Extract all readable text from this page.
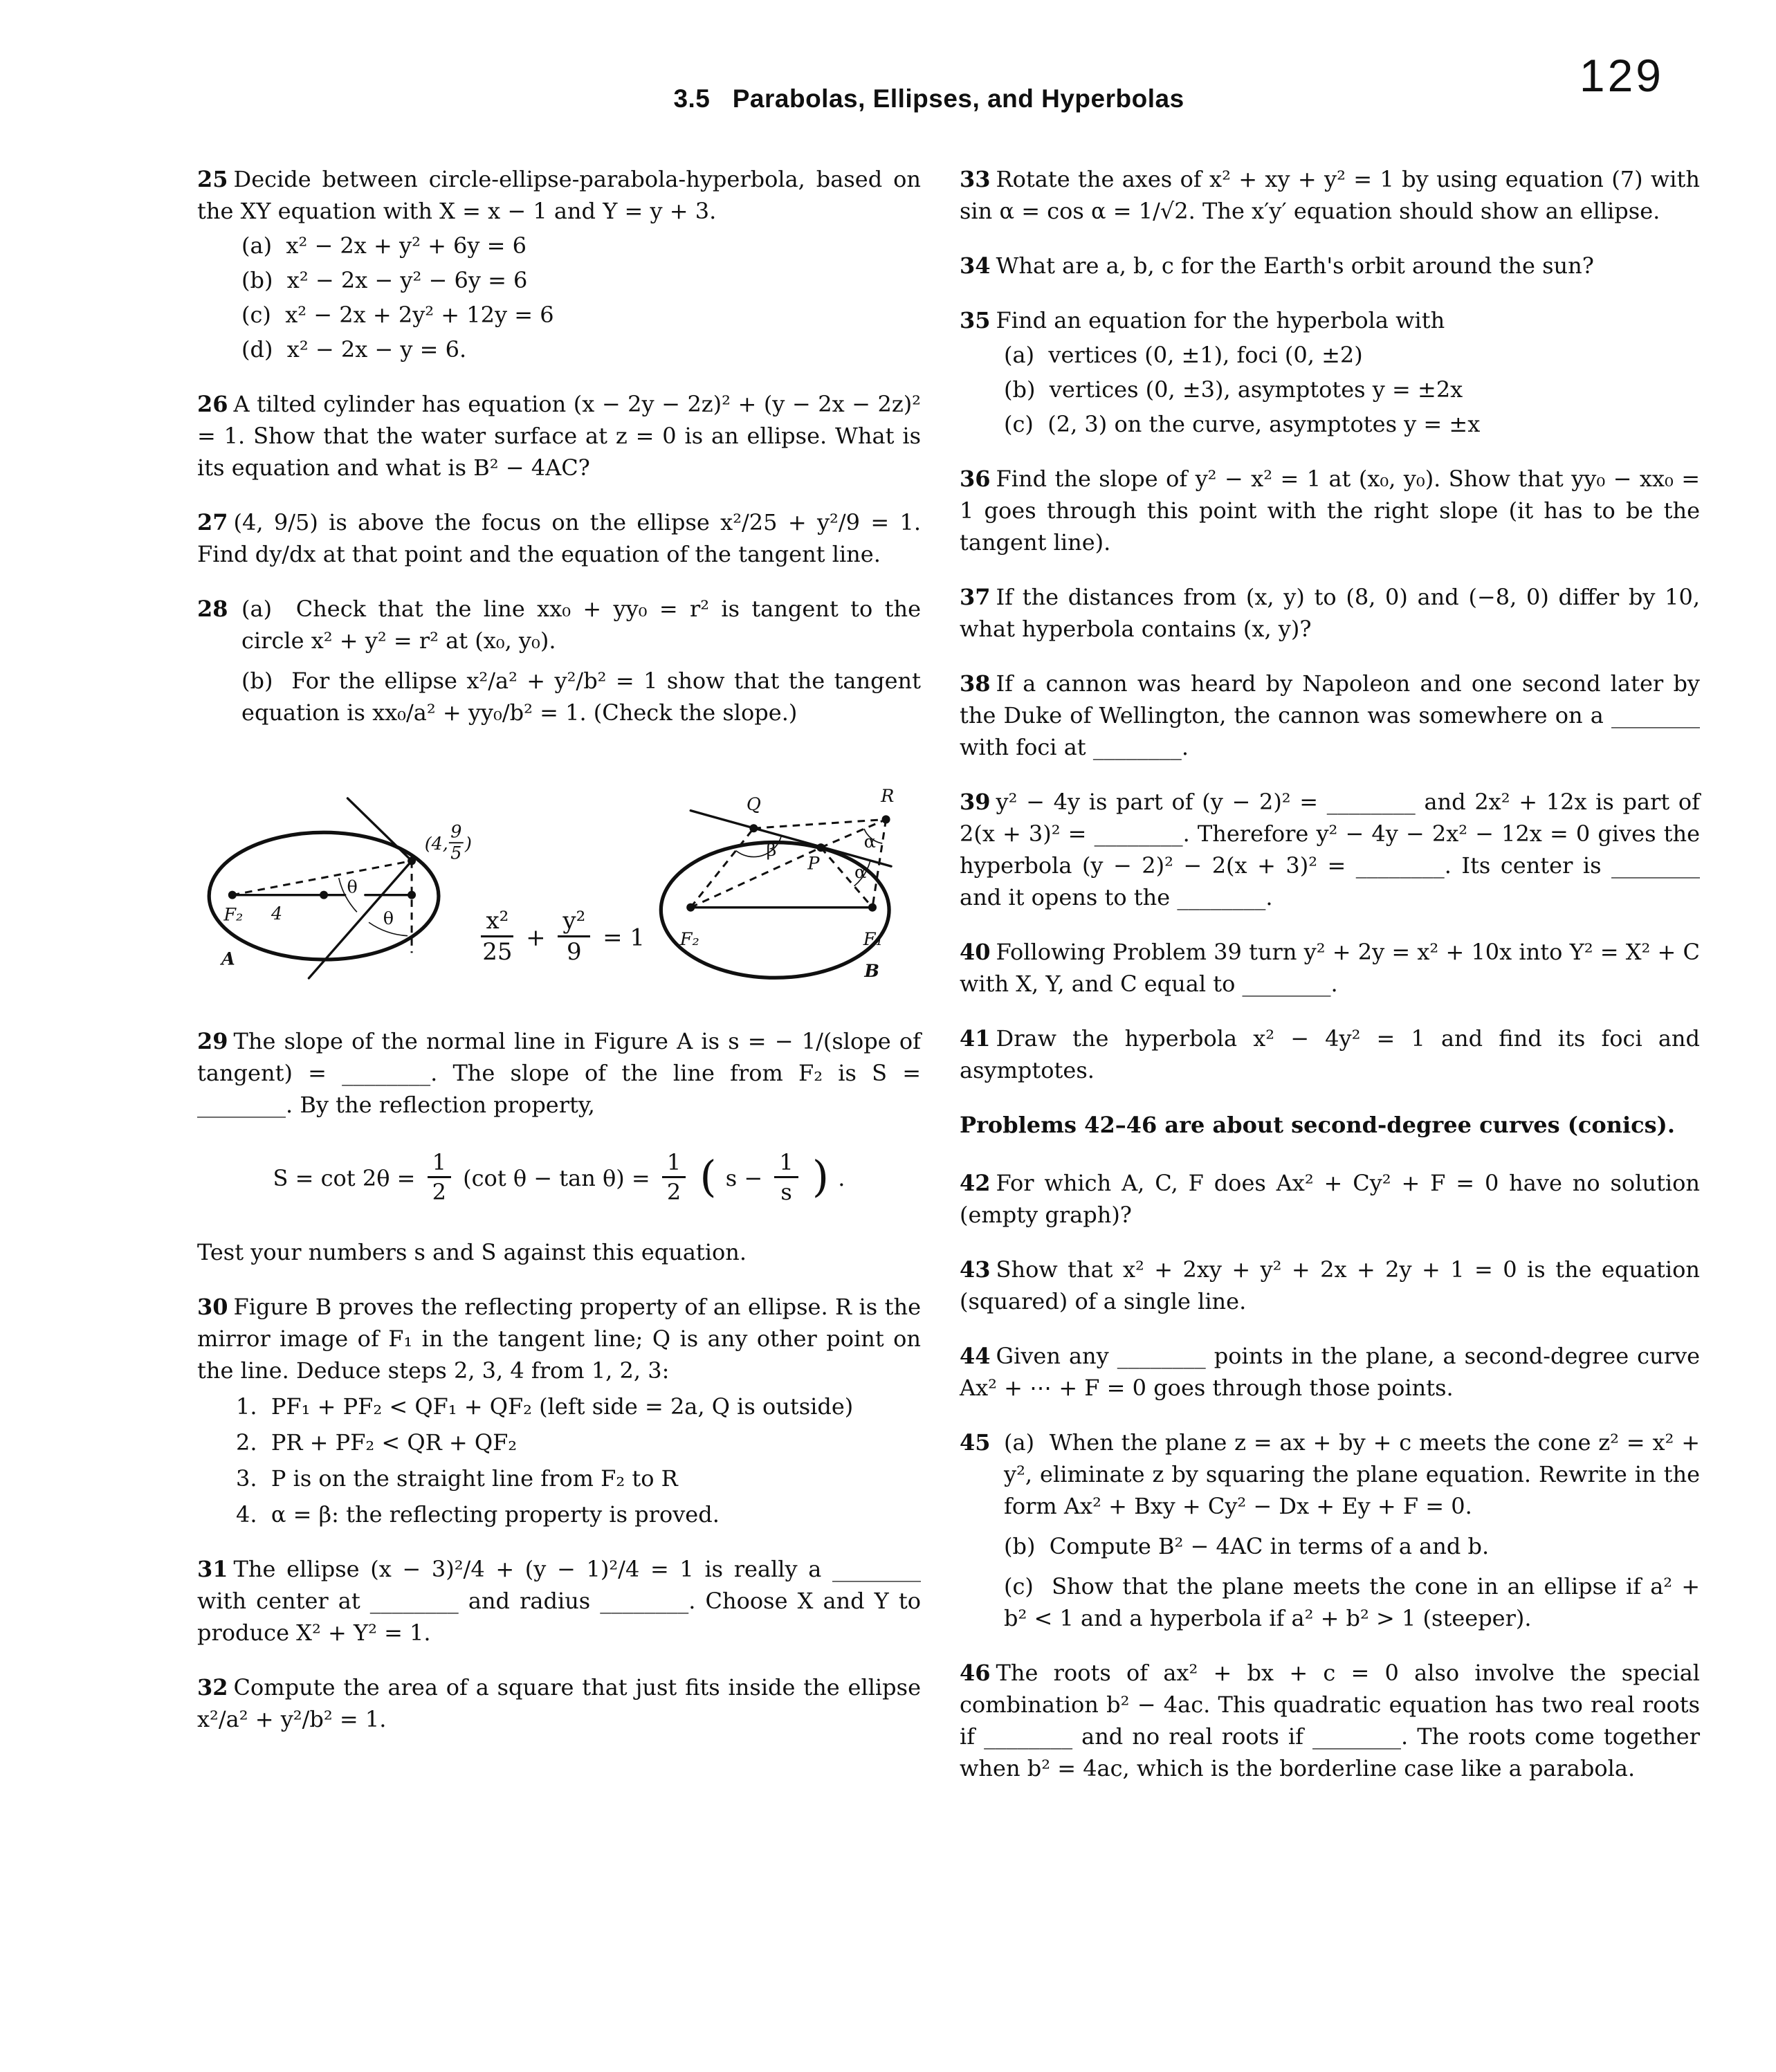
3.5   Parabolas, Ellipses, and Hyperbolas	129
25 Decide between circle-ellipse-parabola-hyperbola, based on the XY equation with X = x − 1 and Y = y + 3.
(a)  x² − 2x + y² + 6y = 6
(b)  x² − 2x − y² − 6y = 6
(c)  x² − 2x + 2y² + 12y = 6
(d)  x² − 2x − y = 6.
26 A tilted cylinder has equation (x − 2y − 2z)² + (y − 2x − 2z)² = 1. Show that the water surface at z = 0 is an ellipse. What is its equation and what is B² − 4AC?
27 (4, 9/5) is above the focus on the ellipse x²/25 + y²/9 = 1. Find dy/dx at that point and the equation of the tangent line.
28 (a)  Check that the line xx₀ + yy₀ = r² is tangent to the circle x² + y² = r² at (x₀, y₀).
(b)  For the ellipse x²/a² + y²/b² = 1 show that the tangent equation is xx₀/a² + yy₀/b² = 1. (Check the slope.)
F₂ 4
θ
θ
(4,
9
5 )
A	$\frac{\text{x²}}{25} + \frac{\text{y²}}{9} = 1$
Q	R
β
P
α
α
F₂	F₁
B
29 The slope of the normal line in Figure A is s = − 1/(slope of tangent) = ________. The slope of the line from F₂ is S = ________. By the reflection property,
$S = \cot 2\theta = \frac{1}{2} (\cot$ $\theta - \tan \theta) = \frac{1}{2}$ ( $s - \frac{1}{s}$ ) .
Test your numbers s and S against this equation.
30 Figure B proves the reflecting property of an ellipse. R is the mirror image of F₁ in the tangent line; Q is any other point on the line. Deduce steps 2, 3, 4 from 1, 2, 3:
1.  PF₁ + PF₂ < QF₁ + QF₂ (left side = 2a, Q is outside)
2.  PR + PF₂ < QR + QF₂
3.  P is on the straight line from F₂ to R
4.  α = β: the reflecting property is proved.
31 The ellipse (x − 3)²/4 + (y − 1)²/4 = 1 is really a ________ with center at ________ and radius ________. Choose X and Y to produce X² + Y² = 1.
32 Compute the area of a square that just fits inside the ellipse x²/a² + y²/b² = 1.
33 Rotate the axes of x² + xy + y² = 1 by using equation (7) with sin α = cos α = 1/√2. The x′y′ equation should show an ellipse.
34 What are a, b, c for the Earth's orbit around the sun?
35 Find an equation for the hyperbola with
(a)  vertices (0, ±1), foci (0, ±2)
(b)  vertices (0, ±3), asymptotes y = ±2x
(c)  (2, 3) on the curve, asymptotes y = ±x
36 Find the slope of y² − x² = 1 at (x₀, y₀). Show that yy₀ − xx₀ = 1 goes through this point with the right slope (it has to be the tangent line).
37 If the distances from (x, y) to (8, 0) and (−8, 0) differ by 10, what hyperbola contains (x, y)?
38 If a cannon was heard by Napoleon and one second later by the Duke of Wellington, the cannon was somewhere on a ________ with foci at ________.
39 y² − 4y is part of (y − 2)² = ________ and 2x² + 12x is part of 2(x + 3)² = ________. Therefore y² − 4y − 2x² − 12x = 0 gives the hyperbola (y − 2)² − 2(x + 3)² = ________. Its center is ________ and it opens to the ________.
40 Following Problem 39 turn y² + 2y = x² + 10x into Y² = X² + C with X, Y, and C equal to ________.
41 Draw the hyperbola x² − 4y² = 1 and find its foci and asymptotes.
Problems 42–46 are about second-degree curves (conics).
42 For which A, C, F does Ax² + Cy² + F = 0 have no solution (empty graph)?
43 Show that x² + 2xy + y² + 2x + 2y + 1 = 0 is the equation (squared) of a single line.
44 Given any ________ points in the plane, a second-degree curve Ax² + ⋯ + F = 0 goes through those points.
45 (a)  When the plane z = ax + by + c meets the cone z² = x² + y², eliminate z by squaring the plane equation. Rewrite in the form Ax² + Bxy + Cy² − Dx + Ey + F = 0.
(b)  Compute B² − 4AC in terms of a and b.
(c)  Show that the plane meets the cone in an ellipse if a² + b² < 1 and a hyperbola if a² + b² > 1 (steeper).
46 The roots of ax² + bx + c = 0 also involve the special combination b² − 4ac. This quadratic equation has two real roots if ________ and no real roots if ________. The roots come together when b² = 4ac, which is the borderline case like a parabola.
